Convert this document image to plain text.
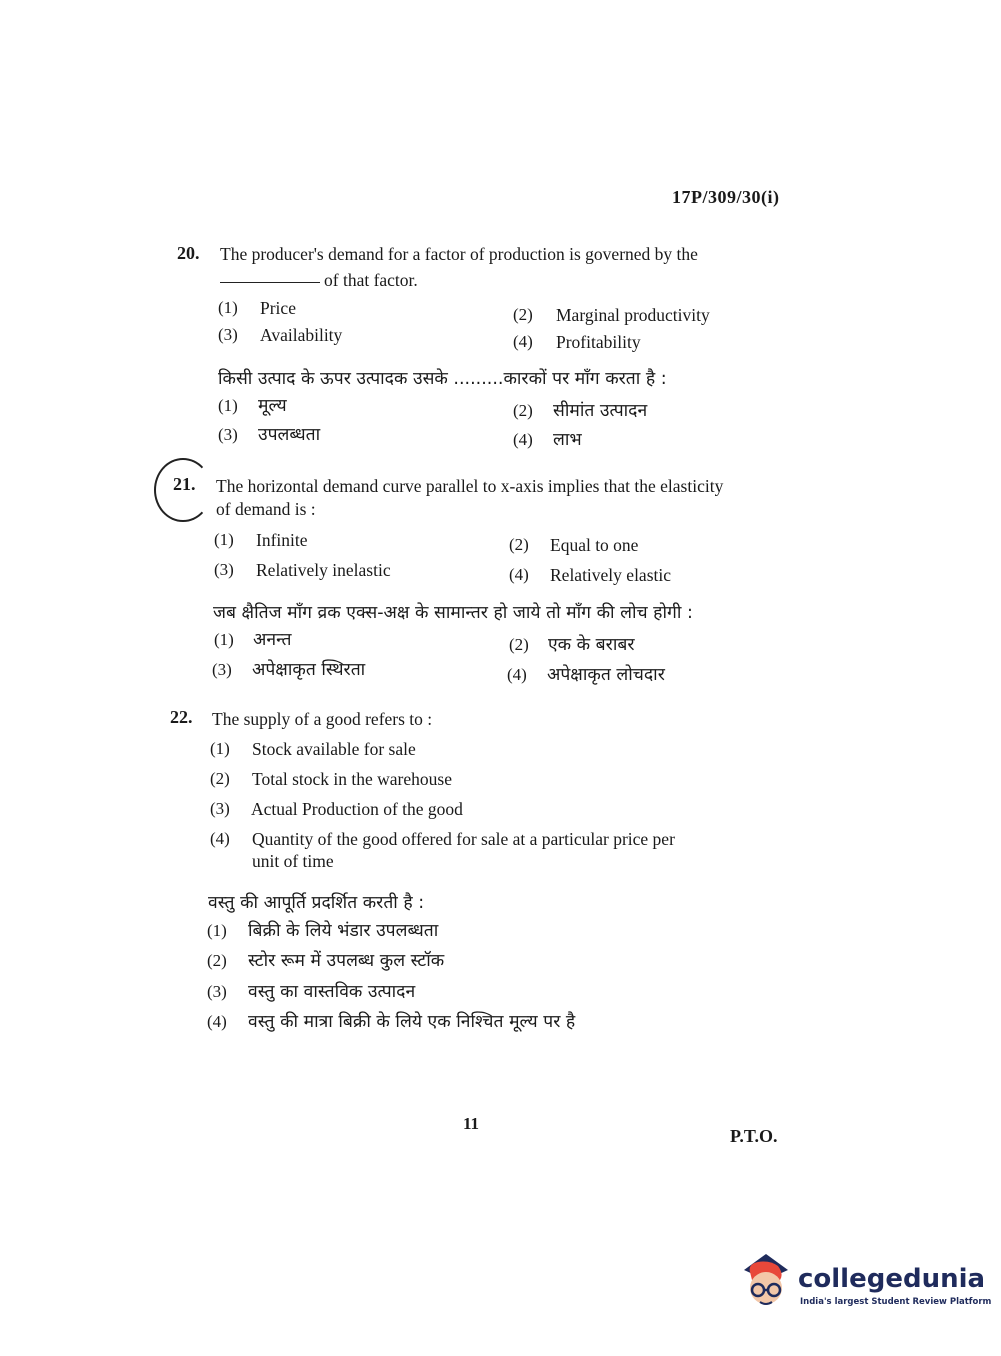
17P/309/30(i)
20. The producer's demand for a factor of production is governed by the
of that factor.
(1) Price	(2) Marginal productivity
(3) Availability	(4) Profitability
किसी उत्पाद के ऊपर उत्पादक उसके .........कारकों पर माँग करता है :
(1) मूल्य	(2) सीमांत उत्पादन
(3) उपलब्धता	(4) लाभ
21. The horizontal demand curve parallel to x-axis implies that the elasticity
of demand is :
(1) Infinite	(2) Equal to one
(3) Relatively inelastic	(4) Relatively elastic
जब क्षैतिज माँग व्रक एक्स-अक्ष के सामान्तर हो जाये तो माँग की लोच होगी :
(1) अनन्त	(2) एक के बराबर
(3) अपेक्षाकृत स्थिरता	(4) अपेक्षाकृत लोचदार
22. The supply of a good refers to :
(1) Stock available for sale
(2) Total stock in the warehouse
(3) Actual Production of the good
(4) Quantity of the good offered for sale at a particular price per
unit of time
वस्तु की आपूर्ति प्रदर्शित करती है :
(1) बिक्री के लिये भंडार उपलब्धता
(2) स्टोर रूम में उपलब्ध कुल स्टॉक
(3) वस्तु का वास्तविक उत्पादन
(4) वस्तु की मात्रा बिक्री के लिये एक निश्चित मूल्य पर है
11
P.T.O.
collegedunia
India's largest Student Review Platform
